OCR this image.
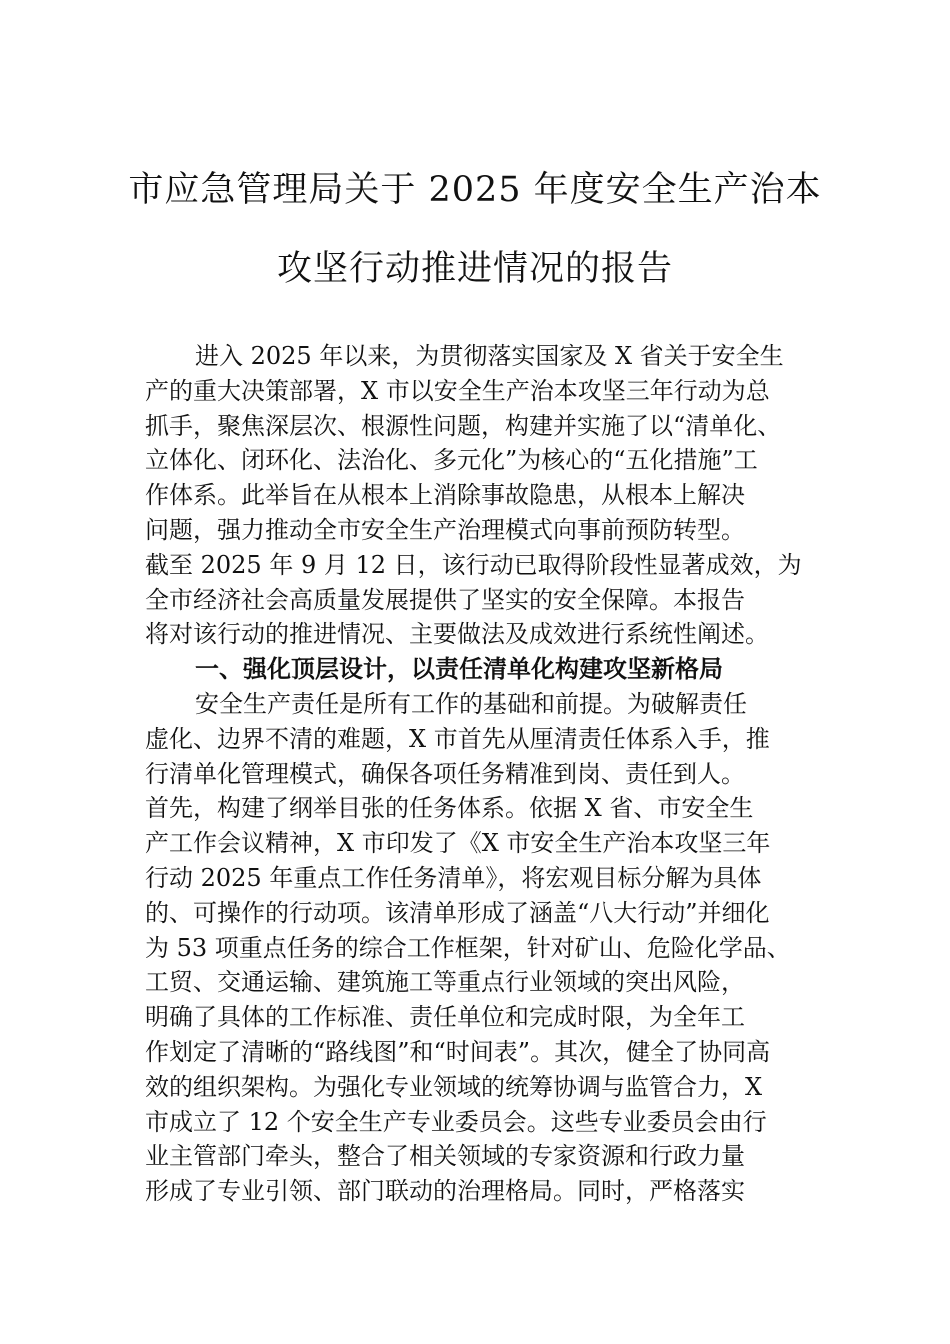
市应急管理局关于 2025 年度安全生产治本
攻坚行动推进情况的报告
进入 2025 年以来，为贯彻落实国家及 X 省关于安全生
产的重大决策部署，X 市以安全生产治本攻坚三年行动为总
抓手，聚焦深层次、根源性问题，构建并实施了以“清单化、
立体化、闭环化、法治化、多元化”为核心的“五化措施”工
作体系。此举旨在从根本上消除事故隐患，从根本上解决
问题，强力推动全市安全生产治理模式向事前预防转型。
截至 2025 年 9 月 12 日，该行动已取得阶段性显著成效，为
全市经济社会高质量发展提供了坚实的安全保障。本报告
将对该行动的推进情况、主要做法及成效进行系统性阐述。
一、强化顶层设计，以责任清单化构建攻坚新格局
安全生产责任是所有工作的基础和前提。为破解责任
虚化、边界不清的难题，X 市首先从厘清责任体系入手，推
行清单化管理模式，确保各项任务精准到岗、责任到人。
首先，构建了纲举目张的任务体系。依据 X 省、市安全生
产工作会议精神，X 市印发了《X 市安全生产治本攻坚三年
行动 2025 年重点工作任务清单》，将宏观目标分解为具体
的、可操作的行动项。该清单形成了涵盖“八大行动”并细化
为 53 项重点任务的综合工作框架，针对矿山、危险化学品、
工贸、交通运输、建筑施工等重点行业领域的突出风险，
明确了具体的工作标准、责任单位和完成时限，为全年工
作划定了清晰的“路线图”和“时间表”。其次，健全了协同高
效的组织架构。为强化专业领域的统筹协调与监管合力，X
市成立了 12 个安全生产专业委员会。这些专业委员会由行
业主管部门牵头，整合了相关领域的专家资源和行政力量
形成了专业引领、部门联动的治理格局。同时，严格落实
